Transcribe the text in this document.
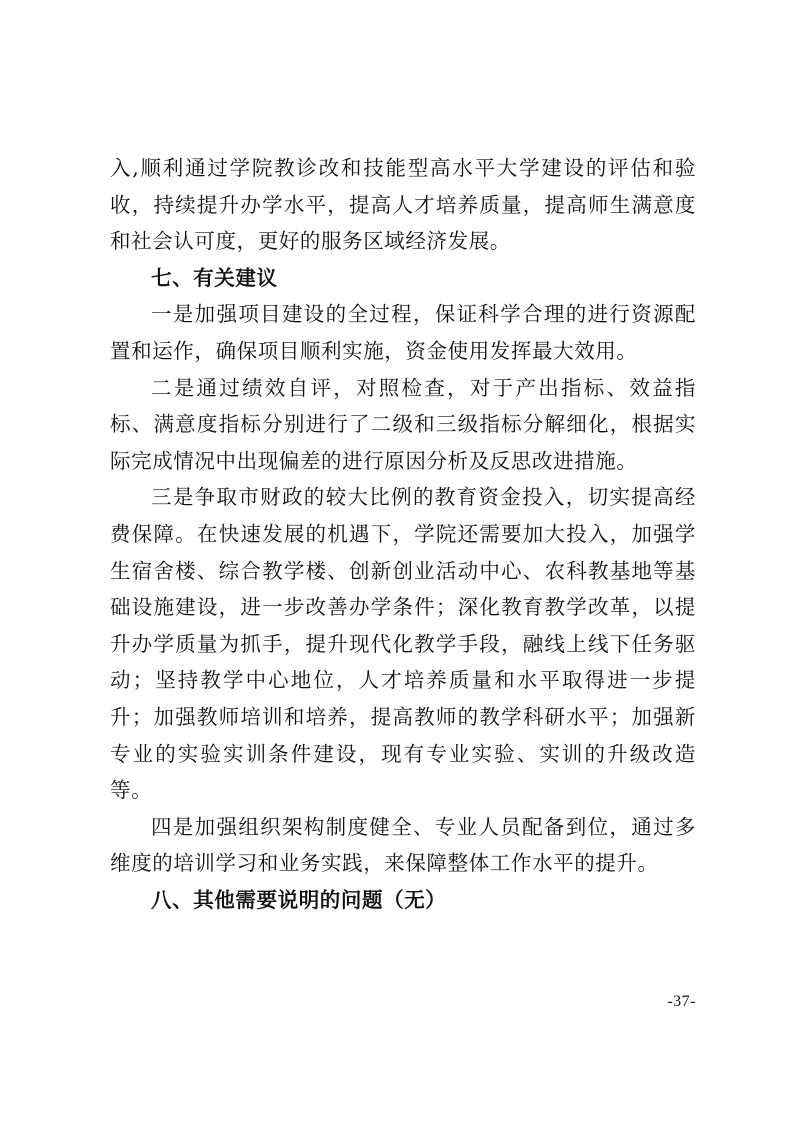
入,顺利通过学院教诊改和技能型高水平大学建设的评估和验收，持续提升办学水平，提高人才培养质量，提高师生满意度和社会认可度，更好的服务区域经济发展。

七、有关建议

一是加强项目建设的全过程，保证科学合理的进行资源配置和运作，确保项目顺利实施，资金使用发挥最大效用。

二是通过绩效自评，对照检查，对于产出指标、效益指标、满意度指标分别进行了二级和三级指标分解细化，根据实际完成情况中出现偏差的进行原因分析及反思改进措施。

三是争取市财政的较大比例的教育资金投入，切实提高经费保障。在快速发展的机遇下，学院还需要加大投入，加强学生宿舍楼、综合教学楼、创新创业活动中心、农科教基地等基础设施建设，进一步改善办学条件；深化教育教学改革，以提升办学质量为抓手，提升现代化教学手段，融线上线下任务驱动；坚持教学中心地位，人才培养质量和水平取得进一步提升；加强教师培训和培养，提高教师的教学科研水平；加强新专业的实验实训条件建设，现有专业实验、实训的升级改造等。

四是加强组织架构制度健全、专业人员配备到位，通过多维度的培训学习和业务实践，来保障整体工作水平的提升。

八、其他需要说明的问题（无）

-37-
